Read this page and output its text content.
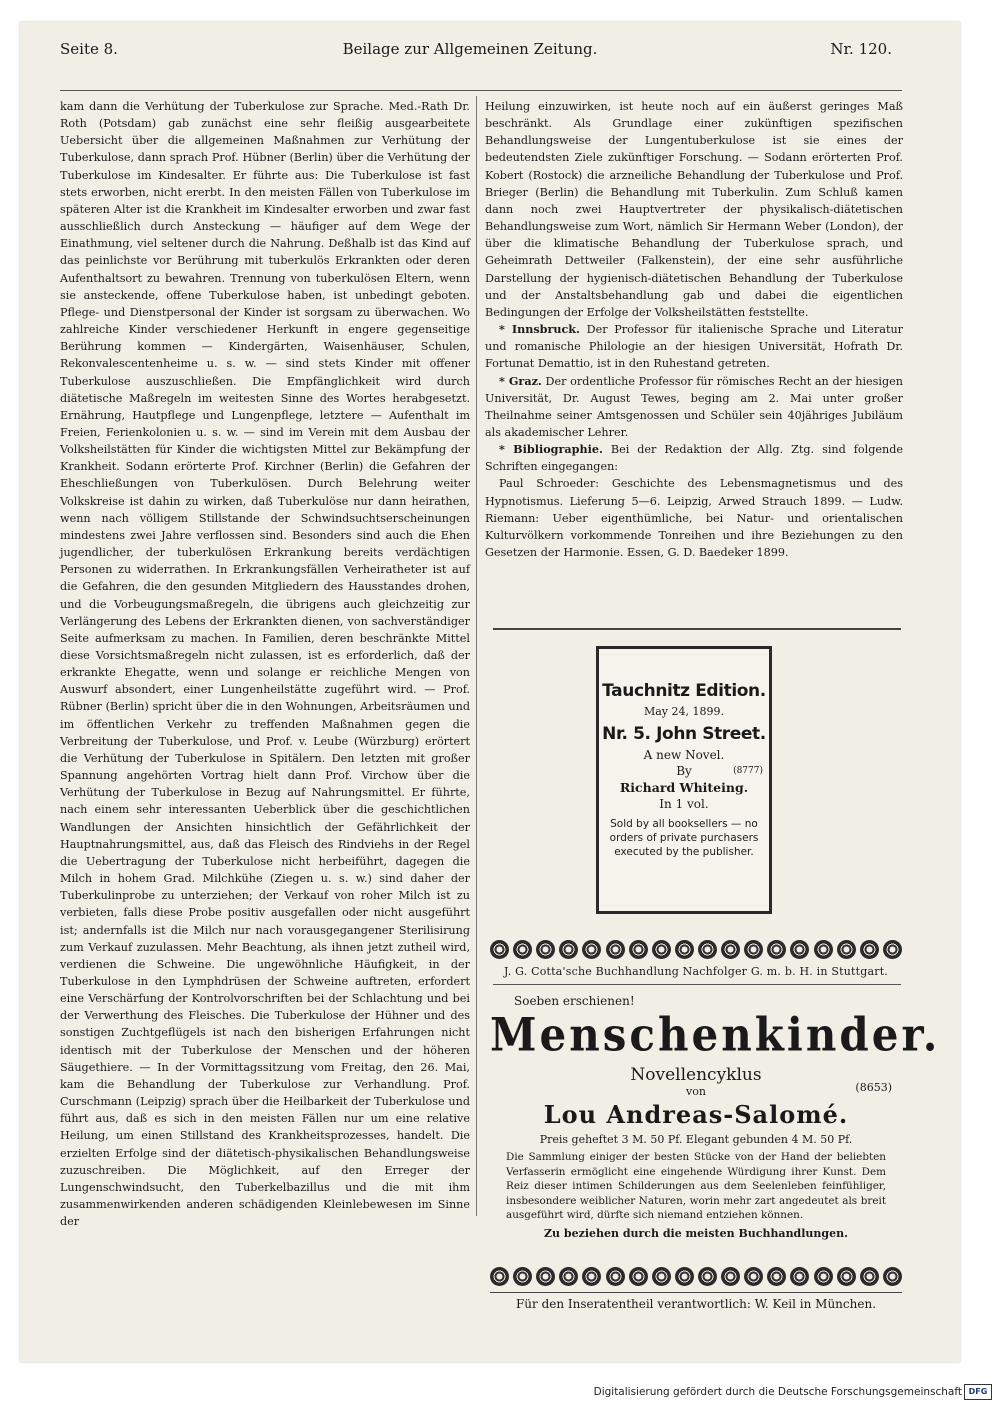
Seite 8.	Beilage zur Allgemeinen Zeitung.	Nr. 120.

kam dann die Verhütung der Tuberkulose zur Sprache. Med.-Rath Dr. Roth (Potsdam) gab zunächst eine sehr fleißig ausgearbeitete Uebersicht über die allgemeinen Maßnahmen zur Verhütung der Tuberkulose, dann sprach Prof. Hübner (Berlin) über die Verhütung der Tuberkulose im Kindesalter. Er führte aus: Die Tuberkulose ist fast stets erworben, nicht ererbt. In den meisten Fällen von Tuberkulose im späteren Alter ist die Krankheit im Kindesalter erworben und zwar fast ausschließlich durch Ansteckung — häufiger auf dem Wege der Einathmung, viel seltener durch die Nahrung. Deßhalb ist das Kind auf das peinlichste vor Berührung mit tuberkulös Erkrankten oder deren Aufenthaltsort zu bewahren. Trennung von tuberkulösen Eltern, wenn sie ansteckende, offene Tuberkulose haben, ist unbedingt geboten. Pflege- und Dienstpersonal der Kinder ist sorgsam zu überwachen. Wo zahlreiche Kinder verschiedener Herkunft in engere gegenseitige Berührung kommen — Kindergärten, Waisenhäuser, Schulen, Rekonvalescentenheime u. s. w. — sind stets Kinder mit offener Tuberkulose auszuschließen. Die Empfänglichkeit wird durch diätetische Maßregeln im weitesten Sinne des Wortes herabgesetzt. Ernährung, Hautpflege und Lungenpflege, letztere — Aufenthalt im Freien, Ferienkolonien u. s. w. — sind im Verein mit dem Ausbau der Volksheilstätten für Kinder die wichtigsten Mittel zur Bekämpfung der Krankheit. Sodann erörterte Prof. Kirchner (Berlin) die Gefahren der Eheschließungen von Tuberkulösen. Durch Belehrung weiter Volkskreise ist dahin zu wirken, daß Tuberkulöse nur dann heirathen, wenn nach völligem Stillstande der Schwindsuchtserscheinungen mindestens zwei Jahre verflossen sind. Besonders sind auch die Ehen jugendlicher, der tuberkulösen Erkrankung bereits verdächtigen Personen zu widerrathen. In Erkrankungsfällen Verheiratheter ist auf die Gefahren, die den gesunden Mitgliedern des Hausstandes drohen, und die Vorbeugungsmaßregeln, die übrigens auch gleichzeitig zur Verlängerung des Lebens der Erkrankten dienen, von sachverständiger Seite aufmerksam zu machen. In Familien, deren beschränkte Mittel diese Vorsichtsmaßregeln nicht zulassen, ist es erforderlich, daß der erkrankte Ehegatte, wenn und solange er reichliche Mengen von Auswurf absondert, einer Lungenheilstätte zugeführt wird. — Prof. Rübner (Berlin) spricht über die in den Wohnungen, Arbeitsräumen und im öffentlichen Verkehr zu treffenden Maßnahmen gegen die Verbreitung der Tuberkulose, und Prof. v. Leube (Würzburg) erörtert die Verhütung der Tuberkulose in Spitälern. Den letzten mit großer Spannung angehörten Vortrag hielt dann Prof. Virchow über die Verhütung der Tuberkulose in Bezug auf Nahrungsmittel. Er führte, nach einem sehr interessanten Ueberblick über die geschichtlichen Wandlungen der Ansichten hinsichtlich der Gefährlichkeit der Hauptnahrungsmittel, aus, daß das Fleisch des Rindviehs in der Regel die Uebertragung der Tuberkulose nicht herbeiführt, dagegen die Milch in hohem Grad. Milchkühe (Ziegen u. s. w.) sind daher der Tuberkulinprobe zu unterziehen; der Verkauf von roher Milch ist zu verbieten, falls diese Probe positiv ausgefallen oder nicht ausgeführt ist; andernfalls ist die Milch nur nach vorausgegangener Sterilisirung zum Verkauf zuzulassen. Mehr Beachtung, als ihnen jetzt zutheil wird, verdienen die Schweine. Die ungewöhnliche Häufigkeit, in der Tuberkulose in den Lymphdrüsen der Schweine auftreten, erfordert eine Verschärfung der Kontrolvorschriften bei der Schlachtung und bei der Verwerthung des Fleisches. Die Tuberkulose der Hühner und des sonstigen Zuchtgeflügels ist nach den bisherigen Erfahrungen nicht identisch mit der Tuberkulose der Menschen und der höheren Säugethiere. — In der Vormittagssitzung vom Freitag, den 26. Mai, kam die Behandlung der Tuberkulose zur Verhandlung. Prof. Curschmann (Leipzig) sprach über die Heilbarkeit der Tuberkulose und führt aus, daß es sich in den meisten Fällen nur um eine relative Heilung, um einen Stillstand des Krankheitsprozesses, handelt. Die erzielten Erfolge sind der diätetisch-physikalischen Behandlungsweise zuzuschreiben. Die Möglichkeit, auf den Erreger der Lungenschwindsucht, den Tuberkelbazillus und die mit ihm zusammenwirkenden anderen schädigenden Kleinlebewesen im Sinne der

Heilung einzuwirken, ist heute noch auf ein äußerst geringes Maß beschränkt. Als Grundlage einer zukünftigen spezifischen Behandlungsweise der Lungentuberkulose ist sie eines der bedeutendsten Ziele zukünftiger Forschung. — Sodann erörterten Prof. Kobert (Rostock) die arzneiliche Behandlung der Tuberkulose und Prof. Brieger (Berlin) die Behandlung mit Tuberkulin. Zum Schluß kamen dann noch zwei Hauptvertreter der physikalisch-diätetischen Behandlungsweise zum Wort, nämlich Sir Hermann Weber (London), der über die klimatische Behandlung der Tuberkulose sprach, und Geheimrath Dettweiler (Falkenstein), der eine sehr ausführliche Darstellung der hygienisch-diätetischen Behandlung der Tuberkulose und der Anstaltsbehandlung gab und dabei die eigentlichen Bedingungen der Erfolge der Volksheilstätten feststellte.

* Innsbruck. Der Professor für italienische Sprache und Literatur und romanische Philologie an der hiesigen Universität, Hofrath Dr. Fortunat Demattio, ist in den Ruhestand getreten.

* Graz. Der ordentliche Professor für römisches Recht an der hiesigen Universität, Dr. August Tewes, beging am 2. Mai unter großer Theilnahme seiner Amtsgenossen und Schüler sein 40jähriges Jubiläum als akademischer Lehrer.

* Bibliographie. Bei der Redaktion der Allg. Ztg. sind folgende Schriften eingegangen:

Paul Schroeder: Geschichte des Lebensmagnetismus und des Hypnotismus. Lieferung 5—6. Leipzig, Arwed Strauch 1899. — Ludw. Riemann: Ueber eigenthümliche, bei Natur- und orientalischen Kulturvölkern vorkommende Tonreihen und ihre Beziehungen zu den Gesetzen der Harmonie. Essen, G. D. Baedeker 1899.

Tauchnitz Edition.
May 24, 1899.
Nr. 5. John Street.
A new Novel.
By	(8777)
Richard Whiteing.
In 1 vol.
Sold by all booksellers — no orders of private purchasers executed by the publisher.
J. G. Cotta'sche Buchhandlung Nachfolger G. m. b. H. in Stuttgart.
Soeben erschienen!
Menschenkinder.
Novellencyklus
von	(8653)
Lou Andreas-Salomé.
Preis geheftet 3 M. 50 Pf. Elegant gebunden 4 M. 50 Pf.
Die Sammlung einiger der besten Stücke von der Hand der beliebten Verfasserin ermöglicht eine eingehende Würdigung ihrer Kunst. Dem Reiz dieser intimen Schilderungen aus dem Seelenleben feinfühliger, insbesondere weiblicher Naturen, worin mehr zart angedeutet als breit ausgeführt wird, dürfte sich niemand entziehen können.
Zu beziehen durch die meisten Buchhandlungen.
Für den Inseratentheil verantwortlich: W. Keil in München.
Digitalisierung gefördert durch die Deutsche Forschungsgemeinschaft DFG
